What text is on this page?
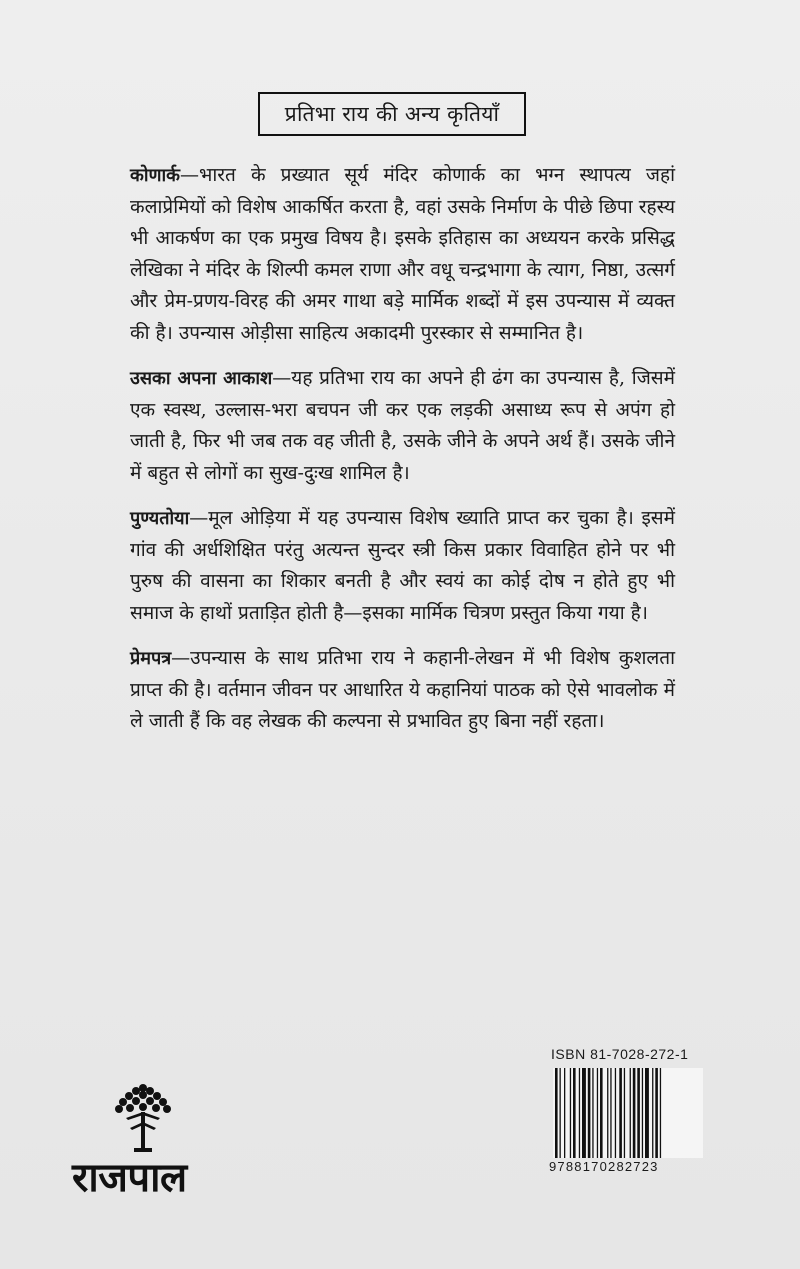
प्रतिभा राय की अन्य कृतियाँ

कोणार्क—भारत के प्रख्यात सूर्य मंदिर कोणार्क का भग्न स्थापत्य जहां कलाप्रेमियों को विशेष आकर्षित करता है, वहां उसके निर्माण के पीछे छिपा रहस्य भी आकर्षण का एक प्रमुख विषय है। इसके इतिहास का अध्ययन करके प्रसिद्ध लेखिका ने मंदिर के शिल्पी कमल राणा और वधू चन्द्रभागा के त्याग, निष्ठा, उत्सर्ग और प्रेम-प्रणय-विरह की अमर गाथा बड़े मार्मिक शब्दों में इस उपन्यास में व्यक्त की है। उपन्यास ओड़ीसा साहित्य अकादमी पुरस्कार से सम्मानित है।

उसका अपना आकाश—यह प्रतिभा राय का अपने ही ढंग का उपन्यास है, जिसमें एक स्वस्थ, उल्लास-भरा बचपन जी कर एक लड़की असाध्य रूप से अपंग हो जाती है, फिर भी जब तक वह जीती है, उसके जीने के अपने अर्थ हैं। उसके जीने में बहुत से लोगों का सुख-दुःख शामिल है।

पुण्यतोया—मूल ओड़िया में यह उपन्यास विशेष ख्याति प्राप्त कर चुका है। इसमें गांव की अर्धशिक्षित परंतु अत्यन्त सुन्दर स्त्री किस प्रकार विवाहित होने पर भी पुरुष की वासना का शिकार बनती है और स्वयं का कोई दोष न होते हुए भी समाज के हाथों प्रताड़ित होती है—इसका मार्मिक चित्रण प्रस्तुत किया गया है।

प्रेमपत्र—उपन्यास के साथ प्रतिभा राय ने कहानी-लेखन में भी विशेष कुशलता प्राप्त की है। वर्तमान जीवन पर आधारित ये कहानियां पाठक को ऐसे भावलोक में ले जाती हैं कि वह लेखक की कल्पना से प्रभावित हुए बिना नहीं रहता।

ISBN 81-7028-272-1
9788170282723
राजपाल
